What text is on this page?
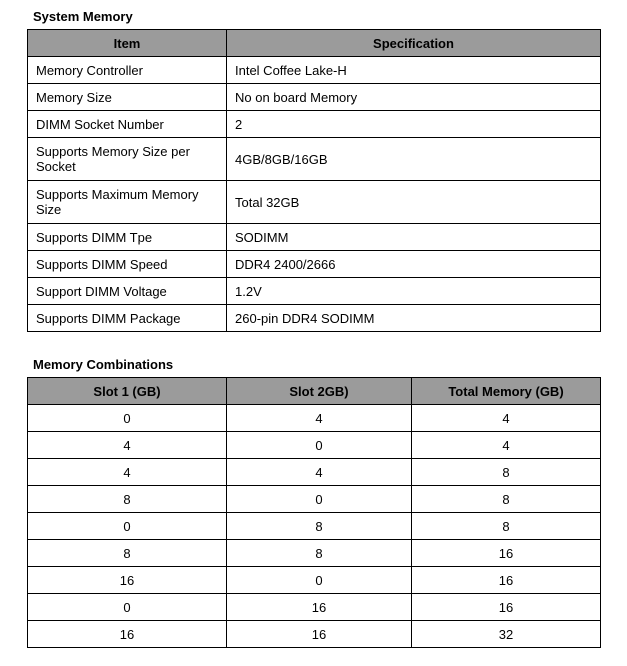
System Memory
Item	Specification
Memory Controller	Intel Coffee Lake-H
Memory Size	No on board Memory
DIMM Socket Number	2
Supports Memory Size per Socket	4GB/8GB/16GB
Supports Maximum Memory Size	Total 32GB
Supports DIMM Tpe	SODIMM
Supports DIMM Speed	DDR4 2400/2666
Support DIMM Voltage	1.2V
Supports DIMM Package	260-pin DDR4 SODIMM
Memory Combinations
Slot 1 (GB)	Slot 2GB)	Total Memory (GB)
0	4	4
4	0	4
4	4	8
8	0	8
0	8	8
8	8	16
16	0	16
0	16	16
16	16	32
